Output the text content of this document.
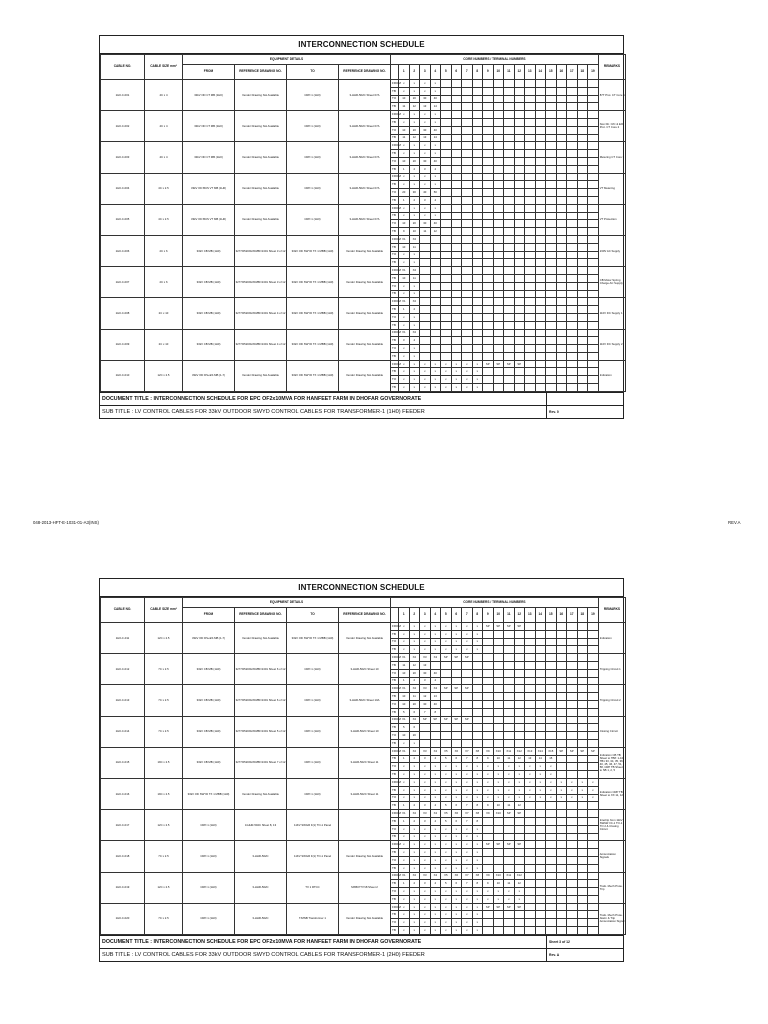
INTERCONNECTION SCHEDULE
CABLE NO.	CABLE SIZE mm²	EQUIPMENT DETAILS				CORE NUMBERS / TERMINAL NUMBERS																				REMARKS
		FROM	REFERENCE DRAWING NO.	TO	REFERENCE DRAWING NO.		1	2	3	4	5	6	7	8	9	10	11	12	13	14	15	16	17	18	19	
1H0-C-001	4C x 4	33kV OD CT MB (1H0)	Vendor Drawing Not Available	CRP-1 (1H0)	3-HHR-502C Sheet 07A	FROM	x	x	x	x																87T Prot. CT Core 1
						TB	x	x	x	x																
						TO	10	20	30	40																
						TB	11	12	13	14																
1H0-C-002	4C x 4	33kV OD CT MB (1H0)	Vendor Drawing Not Available	CRP-1 (1H0)	3-HHR-502C Sheet 07A	FROM	x	x	x	x																Non Dir. O/C & E/F Prot. CT Core 2
						TB	x	x	x	x																
						TO	10	20	30	40																
						TB	11	12	13	14																
1H0-C-003	4C x 4	33kV OD CT MB (1H0)	Vendor Drawing Not Available	CRP-1 (1H0)	3-HHR-502C Sheet 07A	FROM	x	x	x	x																Metering CT Core 3
						TB	x	x	x	x																
						TO	10	20	30	40																
						TB	1	2	3	4																
1H0-C-004	4C x 2.5	33kV OD BUS VT MB (1H0)	Vendor Drawing Not Available	CRP-1 (1H0)	3-HHR-502C Sheet 07A	FROM	x	x	x	x																VT Metering
						TB	x	x	x	x																
						TO	20	30	40	50																
						TB	1	2	3	4																
1H0-C-005	4C x 2.5	33kV OD BUS VT MB (1H0)	Vendor Drawing Not Available	CRP-1 (1H0)	3-HHR-502C Sheet 07A	FROM	x	x	x	x																VT Protection
						TB	x	x	x	x																
						TO	10	20	30	40																
						TB	9	10	11	12																
1H0-C-006	2C x 6	33kV CB MB (1H0)	3277/0520/02/03/BF/1301 Sheet 3 of 12	33kV OD SWYD TX 1 MBB (1H0)	Vendor Drawing Not Available	FROM	X1	X2																		230V AC Supply
						TB	10	11																		
						TO	x	x																		
						TB	x	x																		
1H0-C-007	2C x 6	33kV CB MB (1H0)	3277/0520/02/03/BF/1301 Sheet 3 of 12	33kV OD SWYD TX 1 MBB (1H0)	Vendor Drawing Not Available	FROM	X1	X2																		CB Motor Spring Charge AC Supply
						TB	10	11																		
						TO	x	x																		
						TB	x	x																		
1H0-C-008	2C x 10	33kV CB MB (1H0)	3277/0520/02/03/BF/1301 Sheet 4 of 12	33kV OD SWYD TX 1 MBB (1H0)	Vendor Drawing Not Available	FROM	X1	X2																		110V DC Supply 1
						TB	1	2																		
						TO	x	x																		
						TB	x	x																		
1H0-C-009	2C x 10	33kV CB MB (1H0)	3277/0520/02/03/BF/1301 Sheet 4 of 12	33kV OD SWYD TX 1 MBB (1H0)	Vendor Drawing Not Available	FROM	X1	X2																		110V DC Supply 2
						TB	3	4																		
						TO	x	x																		
						TB	x	x																		
1H0-C-010	12C x 2.5	33kV OD DS+ES MB (1-7)	Vendor Drawing Not Available	33kV OD SWYD TX 1 MBB (1H0)	Vendor Drawing Not Available	FROM	x	x	x	x	x	x	x	x	SP	SP	SP	SP								Indication
						TB	x	x	x	x	x	x	x	x												
						TO	x	x	x	x	x	x	x	x												
						TB	x	x	x	x	x	x	x	x												
DOCUMENT TITLE : INTERCONNECTION SCHEDULE FOR EPC OF2x10MVA FOR HANFEET FARM IN DHOFAR GOVERNORATE
SUB TITLE : LV CONTROL CABLES FOR 33kV OUTDOOR SWYD CONTROL CABLES FOR TRANSFORMER-1 (1H0) FEEDER	Rev. 0
048-2013-HFT-E-1031-01-A3(INS)	REV.A
INTERCONNECTION SCHEDULE
CABLE NO.	CABLE SIZE mm²	EQUIPMENT DETAILS				CORE NUMBERS / TERMINAL NUMBERS																				REMARKS
		FROM	REFERENCE DRAWING NO.	TO	REFERENCE DRAWING NO.		1	2	3	4	5	6	7	8	9	10	11	12	13	14	15	16	17	18	19	
1H0-C-011	12C x 2.5	33kV OD DS+ES MB (1-7)	Vendor Drawing Not Available	33kV OD SWYD TX 1 MBB (1H0)	Vendor Drawing Not Available	FROM	x	x	x	x	x	x	x	x	SP	SP	SP	SP								Indication
						TB	x	x	x	x	x	x	x	x												
						TO	x	x	x	x	x	x	x	x												
						TB	x	x	x	x	x	x	x	x												
1H0-C-012	7C x 2.5	33kV CB MB (1H0)	3277/0520/02/03/BF/1301 Sheet 6 of 12	CRP-1 (1H0)	3-HHR-502C Sheet 10	FROM	X1	X2	X3	X4	SP	SP	SP													Tripping Circuit 1
						TB	11	12	13																	
						TO	10	20	30	40																
						TB	1	2	3	4																
1H0-C-013	7C x 2.5	33kV CB MB (1H0)	3277/0520/02/03/BF/1301 Sheet 6 of 12	CRP-1 (1H0)	3-HHR-502C Sheet 10A	FROM	X1	X2	X3	X4	SP	SP	SP													Tripping Circuit 2
						TB	10	11	12	13																
						TO	10	20	30	40																
						TB	5	6	7	8																
1H0-C-014	7C x 2.5	33kV CB MB (1H0)	3277/0520/02/03/BF/1301 Sheet 5 of 12	CRP-1 (1H0)	3-HHR-502C Sheet 10	FROM	X1	X2	SP	SP	SP	SP	SP													Closing Circuit
						TB	5	6																		
						TO	10	20																		
						TB	x	x																		
1H0-C-015	19C x 2.5	33kV CB MB (1H0)	3277/0520/02/03/BF/1301 Sheet 7 of 12	CRP-1 (1H0)	3-HHR-502C Sheet 11	FROM	X1	X2	X3	X4	X5	X6	X7	X8	X9	X10	X11	X12	X13	X14	X15	SP	SP	SP	SP	Indication CB TB Sheet to TB8: 1-10, TB1 33, 34, 35, 36, 40, 45, 46, 47, 51, 58, CRP TB Sheet to SB 1, 2, 5
						TB	1	2	3	4	5	6	7	8	9	10	11	12	13	14	15					
						TO	x	x	x	x	x	x	x	x	x	x	x	x	x	x	x					
						TB	x	x	x	x	x	x	x	x	x	x	x	x	x	x	x					
1H0-C-016	19C x 2.5	33kV OD SWYD TX 1 MBB (1H0)	Vendor Drawing Not Available	CRP-1 (1H0)	3-HHR-502C Sheet 11	FROM	x	x	x	x	x	x	x	x	x	x	x	x	x	x	x	x	x	x	x	Indication CRP TB Sheet to XX 11, 12
						TB	x	x	x	x	x	x	x	x	x	x	x	x	x	x	x	x	x	x	x	
						TO	x	x	x	x	x	x	x	x	x	x	x	x	x	x	x	x	x	x	x	
						TB	1	2	3	4	5	6	7	8	9	10	11	12								
1H0-C-017	12C x 2.5	CRP-1 (1H0)	3-HHR-502C Sheet 8, 13	11KV SWGR F(1) TO-1 Panel		FROM	X1	X2	X3	X4	X5	X6	X7	X8	X9	X10	SP	SP								Intertrip from 11kV SWGR I/C-1 TO-1 TO 2 & Closing Circuit
						TB	1	2	3	4	5	6	7	8												
						TO	x	x	x	x	x	x	x	x												
						TB	x	x	x	x	x	x	x	x												
1H0-C-018	7C x 2.5	CRP-1 (1H0)	3-HHR-502C	11KV SWGR F(1) TO-1 Panel	Vendor Drawing Not Available	FROM	x	x	x	x	x	x	x	x	SP	SP	SP	SP								Annunciation Signals
						TB	x	x	x	x	x	x	x	x												
						TO	x	x	x	x	x	x	x	x												
						TB	x	x	x	x	x	x	x	x												
1H0-C-019	12C x 2.5	CRP-1 (1H0)	3-HHR-502C	TX 1 RTCC	MXB0777/18 Sheet 2	FROM	X1	X2	X3	X4	X5	X6	X7	X8	X9	X10	X11	X12								Trafo. Mech Prote. Trip
						TB	1	2	3	4	5	6	7	8	9	10	11	12								
						TO	x	x	x	x	x	x	x	x	x	x	x	x								
						TB	x	x	x	x	x	x	x	x	x	x	x	x								
1H0-C-020	7C x 2.5	CRP-1 (1H0)	3-HHR-502C	T/MNB Transformer 1	Vendor Drawing Not Available	FROM	x	x	x	x	x	x	x	x	SP	SP	SP	SP								Trafo. Mech Prote. Alarm & Trip Annunciation Signal
						TB	x	x	x	x	x	x	x	x												
						TO	x	x	x	x	x	x	x	x												
						TB	x	x	x	x	x	x	x	x												
DOCUMENT TITLE : INTERCONNECTION SCHEDULE FOR EPC OF2x10MVA FOR HANFEET FARM IN DHOFAR GOVERNORATE	Sheet 3 of 12
SUB TITLE : LV CONTROL CABLES FOR 33kV OUTDOOR SWYD CONTROL CABLES FOR TRANSFORMER-1 (2H0) FEEDER	Rev. A
